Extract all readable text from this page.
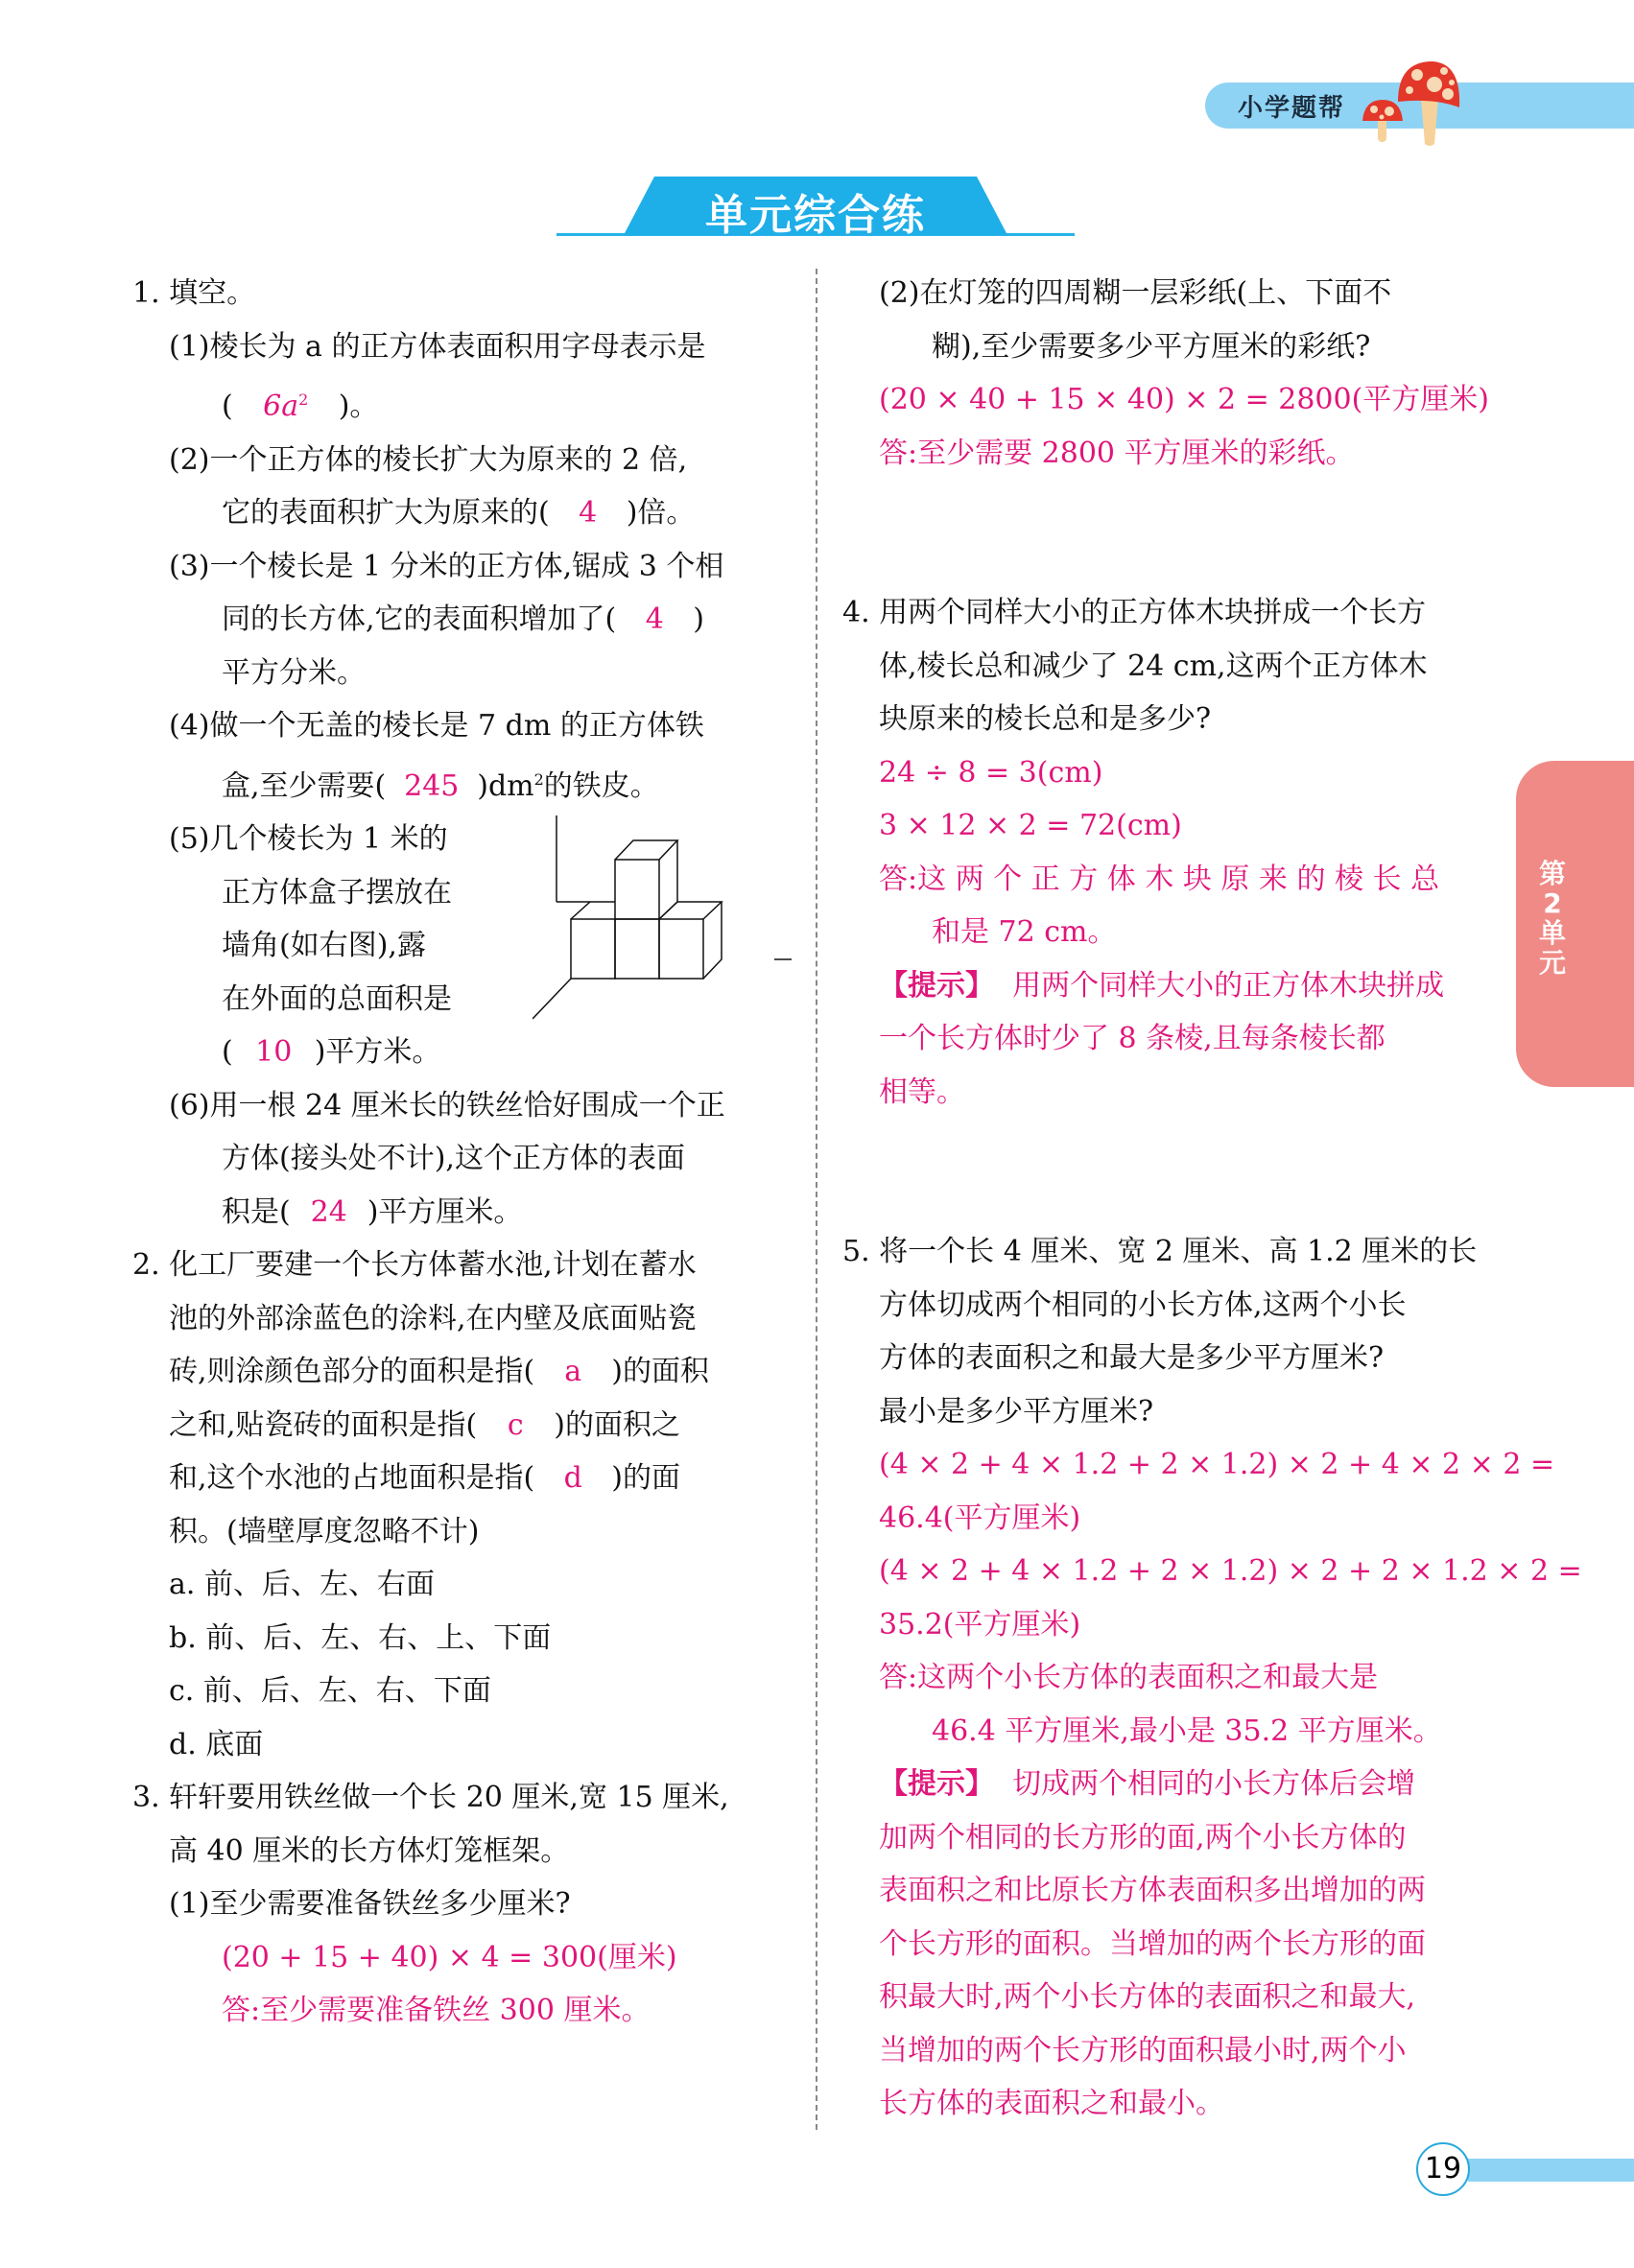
小学题帮
单元综合练
1. 填空。
(1)棱长为 a 的正方体表面积用字母表示是
( $6a^2$ )。
(2)一个正方体的棱长扩大为原来的 2 倍,
它的表面积扩大为原来的( 4 )倍。
(3)一个棱长是 1 分米的正方体,锯成 3 个相
同的长方体,它的表面积增加了( 4 )
平方分米。
(4)做一个无盖的棱长是 7 dm 的正方体铁
盒,至少需要( 245 )$dm^2$的铁皮。
(5)几个棱长为 1 米的
正方体盒子摆放在
墙角(如右图),露
在外面的总面积是
( 10 )平方米。
(6)用一根 24 厘米长的铁丝恰好围成一个正
方体(接头处不计),这个正方体的表面
积是( 24 )平方厘米。
2. 化工厂要建一个长方体蓄水池,计划在蓄水
池的外部涂蓝色的涂料,在内壁及底面贴瓷
砖,则涂颜色部分的面积是指( a )的面积
之和,贴瓷砖的面积是指( c )的面积之
和,这个水池的占地面积是指( d )的面
积。(墙壁厚度忽略不计)
a. 前、后、左、右面
b. 前、后、左、右、上、下面
c. 前、后、左、右、下面
d. 底面
3. 轩轩要用铁丝做一个长 20 厘米,宽 15 厘米,
高 40 厘米的长方体灯笼框架。
(1)至少需要准备铁丝多少厘米?
(20 + 15 + 40) × 4 = 300(厘米)
答:至少需要准备铁丝 300 厘米。
(2)在灯笼的四周糊一层彩纸(上、下面不
糊),至少需要多少平方厘米的彩纸?
(20 × 40 + 15 × 40) × 2 = 2800(平方厘米)
答:至少需要 2800 平方厘米的彩纸。
4. 用两个同样大小的正方体木块拼成一个长方
体,棱长总和减少了 24 cm,这两个正方体木
块原来的棱长总和是多少?
24 ÷ 8 = 3(cm)
3 × 12 × 2 = 72(cm)
答:这 两 个 正 方 体 木 块 原 来 的 棱 长 总
和是 72 cm。
【提示】 用两个同样大小的正方体木块拼成
一个长方体时少了 8 条棱,且每条棱长都
相等。
5. 将一个长 4 厘米、宽 2 厘米、高 1.2 厘米的长
方体切成两个相同的小长方体,这两个小长
方体的表面积之和最大是多少平方厘米?
最小是多少平方厘米?
(4 × 2 + 4 × 1.2 + 2 × 1.2) × 2 + 4 × 2 × 2 =
46.4(平方厘米)
(4 × 2 + 4 × 1.2 + 2 × 1.2) × 2 + 2 × 1.2 × 2 =
35.2(平方厘米)
答:这两个小长方体的表面积之和最大是
46.4 平方厘米,最小是 35.2 平方厘米。
【提示】 切成两个相同的小长方体后会增
加两个相同的长方形的面,两个小长方体的
表面积之和比原长方体表面积多出增加的两
个长方形的面积。当增加的两个长方形的面
积最大时,两个小长方体的表面积之和最大,
当增加的两个长方形的面积最小时,两个小
长方体的表面积之和最小。
第
2
单
元
19
